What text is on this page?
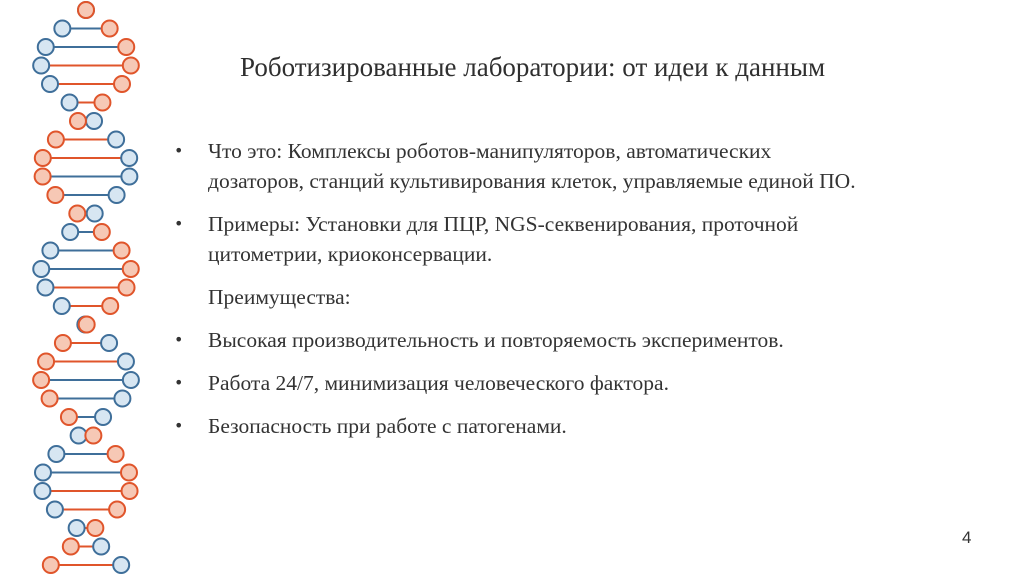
Роботизированные лаборатории: от идеи к данным
• Что это: Комплексы роботов-манипуляторов, автоматических
дозаторов, станций культивирования клеток, управляемые единой ПО.
• Примеры: Установки для ПЦР, NGS-секвенирования, проточной
цитометрии, криоконсервации.
Преимущества:
• Высокая производительность и повторяемость экспериментов.
• Работа 24/7, минимизация человеческого фактора.
• Безопасность при работе с патогенами.
4
